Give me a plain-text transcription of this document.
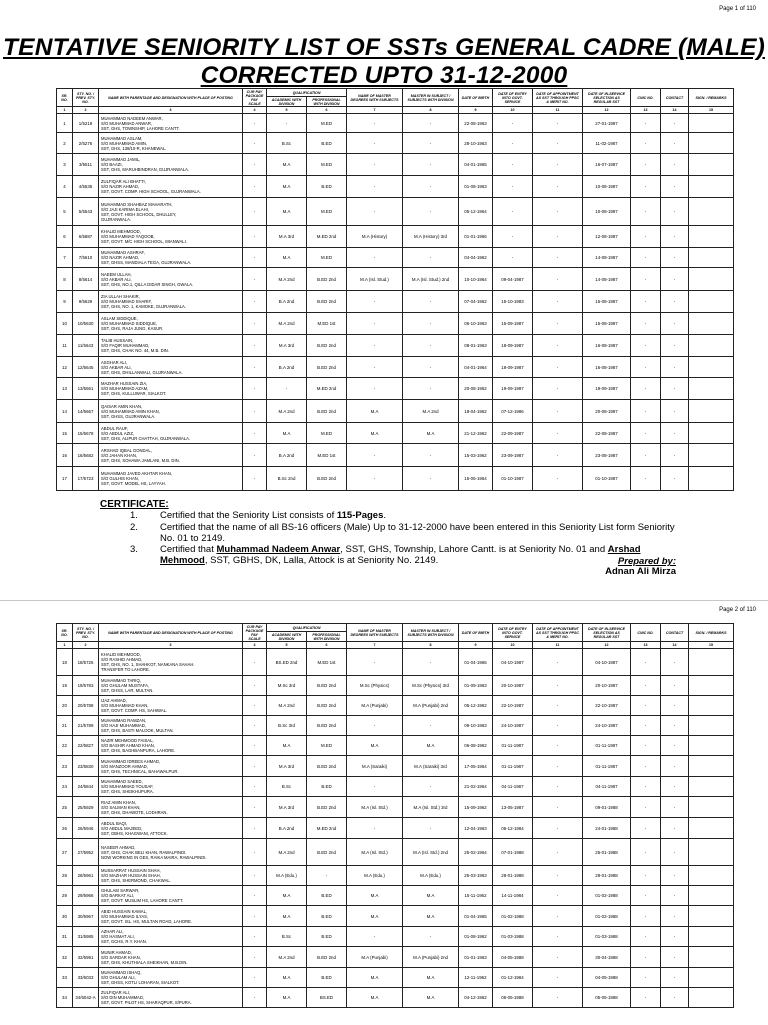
Page 1 of 110
TENTATIVE SENIORITY LIST OF SSTs GENERAL CADRE (MALE)
CORRECTED UPTO 31-12-2000
SR. NO.	STY. NO. / PREV. STY. NO.	NAME WITH PARENTAGE AND DESIGNATION WITH PLACE OF POSTING	CUR PAY PACKAGE PAY SCALE	QUALIFICATION		NAME OF MASTER DEGREES WITH SUBJECTS	MASTER IN SUBJECT / SUBJECTS WITH DIVISION	DATE OF BIRTH	DATE OF ENTRY INTO GOVT. SERVICE	DATE OF APPOINTMENT AS SST THROUGH PPSC & MERIT NO.	DATE OF IN-SERVICE SELECTION AS REGULAR SST	CNIC NO.	CONTACT	SIGN. / REMARKS
				ACADEMIC WITH DIVISION	PROFESSIONAL WITH DIVISION									
1	2	3	4	5	6	7	8	9	10	11	12	13	14	15
1	1/5219	MUHAMMAD NADEEM ANWAR,
S/O MUHAMMAD ANWAR,
SST, GHS, TOWNSHIP, LAHORE CANTT.	-	-	M.ED	-	-	22-08-1963	-	-	27-01-1987	-	-	
2	2/5276	MUHAMMAD ASLAM,
S/O MUHAMMAD AMIN,
SST, GHS, 138/10-R, KHANEWAL.	-	B.Sc	B.ED	-	-	28-10-1963	-	-	11-02-1987	-	-	
3	3/5511	MUHAMMAD JAMIL,
S/O BAAZI,
SST, GHS, MARUHBINDRAN, GUJRANWALA.	-	M.A	M.ED	-	-	04-01-1965	-	-	16-07-1987	-	-	
4	4/5535	ZULFIQAR ALI BHATTI,
S/O NAZIR AHMAD,
SST, GOVT. COMP. HIGH SCHOOL, GUJRANWALA.	-	M.A	B.ED	-	-	01-08-1963	-	-	10-08-1987	-	-	
5	5/5543	MUHAMMAD SHAHBAZ MAHARATH,
S/O JAJI KARIMA ELAHI,
SST, GOVT. HIGH SCHOOL, DHULLEY,
GUJRANWALA.	-	M.A	M.ED	-	-	05-12-1964	-	-	10-08-1987	-	-	
6	6/5887	KHALID MEHMOOD,
S/O MUHAMMAD YAQOOB,
SST, GOVT. M/C HIGH SCHOOL, MIANWALI.	-	M.A 3rd	M.ED 2nd	M.A (History)	M.A (History) 3rd	01-01-1966	-	-	12-08-1987	-	-	
7	7/5610	MUHAMMAD ASHRAF,
S/O NAZIR AHMAD,
SST, GHSS, MANDIALA TEGA, GUJRANWALA.	-	M.A	M.ED	-	-	04-04-1962	-	-	14-08-1987	-	-	
8	8/5614	NAEEM ULLAH,
S/O AKBAR ALI,
SST, GHS, NO.1, QILLA DIDAR SINGH, GWALA.	-	M.A 2nd	B.ED 2nd	M.A (Isl. Stud.)	M.A (Isl. Stud.) 2nd	10-10-1964	09-04-1987	-	14-08-1987	-	-	
9	9/5629	ZIA ULLAH SHAKIR,
S/O MUHAMMAD SHARIF,
SST, GHS, NO. 1, KAMOKE, GUJRANWALA.	-	B.A 2nd	B.ED 2nd	-	-	07-04-1962	15-10-1983	-	15-08-1987	-	-	
10	10/5630	ASLAM SIDDIQUE,
S/O MUHAMMAD SIDDIQUE,
SST, GHS, RAJA JUNG, KASUR.	-	M.A 2nd	M.ED 1st	-	-	06-10-1963	15-09-1987	-	15-08-1987	-	-	
11	11/5643	TALIB HUSSAIN,
S/O FAQIR MUHAMMAD,
SST, GHS, CHAK NO. 44, M.B. DIN.	-	M.A 3rd	B.ED 2nd	-	-	08-01-1963	18-09-1987	-	16-08-1987	-	-	
12	12/5645	ASGHAR ALI,
S/O AKBAR ALI,
SST, GHS, DHILLANWALI, GUJRANWALA.	-	B.A 2nd	B.ED 2nd	-	-	04-01-1964	18-09-1987	-	16-08-1987	-	-	
13	13/5661	MAZHAR HUSSAIN ZIA,
S/O MUHAMMAD AZAM,
SST, GHS, KULLUWAR, SIALKOT.	-	-	M.ED 2nd	-	-	20-08-1962	19-09-1987	-	19-09-1987	-	-	
14	14/5667	QAISAR AMIN KHAN,
S/O MUHAMMAD AMIN KHAN,
SST, GHSS, GUJRANWALA.	-	M.A 2nd	B.ED 2nd	M.A	M.A 2nd	18-04-1962	07-12-1986	-	20-08-1987	-	-	
15	15/5678	ABDUL RAUF,
S/O ABDUL AZIZ,
SST, GHS, ALIPUR CHATTAH, GUJRANWALA.	-	M.A	M.ED	M.A	M.A	21-12-1962	22-09-1987	-	22-08-1987	-	-	
16	16/5682	ARSHAD IQBAL GONDAL,
S/O JAHAN KHAN,
SST, GHS, SOHAWA JAMLANI, M.B. DIN.	-	B.A 2nd	M.ED 1st	-	-	15-03-1962	23-09-1987	-	23-08-1987	-	-	
17	17/5723	MUHAMMAD JAVED AKHTAR KHAN,
S/O GULHIS KHAN,
SST, GOVT. MODEL HS, LAYYAH.	-	B.Sc 2nd	B.ED 2nd	-	-	15-06-1964	01-10-1987	-	01-10-1987	-	-	
CERTIFICATE:
1. Certified that the Seniority List consists of 115-Pages.
2. Certified that the name of all BS-16 officers (Male) Up to 31-12-2000 have been entered in this Seniority List form Seniority No. 01 to 2149.
3. Certified that Muhammad Nadeem Anwar, SST, GHS, Township, Lahore Cantt. is at Seniority No. 01 and Arshad Mehmood, SST, GBHS, DK, Lalla, Attock is at Seniority No. 2149.	Prepared by:
Adnan Ali Mirza
Page 2 of 110
SR. NO.	STY. NO. / PREV. STY. NO.	NAME WITH PARENTAGE AND DESIGNATION WITH PLACE OF POSTING	CUR PAY PACKAGE PAY SCALE	QUALIFICATION		NAME OF MASTER DEGREES WITH SUBJECTS	MASTER IN SUBJECT / SUBJECTS WITH DIVISION	DATE OF BIRTH	DATE OF ENTRY INTO GOVT. SERVICE	DATE OF APPOINTMENT AS SST THROUGH PPSC & MERIT NO.	DATE OF IN-SERVICE SELECTION AS REGULAR SST	CNIC NO.	CONTACT	SIGN. / REMARKS
				ACADEMIC WITH DIVISION	PROFESSIONAL WITH DIVISION									
1	2	3	4	5	6	7	8	9	10	11	12	13	14	15
18	18/5726	KHALID MEHMOOD,
S/O RASHID AHMAD,
SST, GHS, NO. 1, SHAHKOT, NANKANA SAHAH.
TRANSFER TO LAHORE.	-	BS.ED 2nd	M.ED 1st	-	-	01-04-1965	04-10-1987	-	04-10-1987	-	-	
19	19/5783	MUHAMMAD TARIQ,
S/O GHULAM MUSTAFA,
SST, GHSS, LAR, MULTAN.	-	M.Sc 3rd	B.ED 2nd	M.Sc (Physics)	M.Sc (Physics) 3rd	01-09-1963	20-10-1987	-	20-10-1987	-	-	
20	20/5788	IJAZ AHMAD,
S/O MUHAMMAD KHAN,
SST, GOVT. COMP. HS, SAHIWAL.	-	M.A 2nd	B.ED 2nd	M.A (Punjabi)	M.A (Punjabi) 2nd	05-12-1962	22-10-1987	-	22-10-1987	-	-	
21	21/5789	MUHAMMAD RAMZAN,
S/O HAJI MUHAMMAD,
SST, GHS, BASTI MALOOK, MULTAN.	-	B.Sc 3rd	B.ED 2nd	-	-	09-10-1963	24-10-1987	-	24-10-1987	-	-	
22	22/5827	NAZIR MEHMOOD FAISAL,
S/O BASHIR AHMAD KHAN,
SST, GHS, BAGHBANPURA, LAHORE.	-	M.A	M.ED	M.A	M.A	06-08-1962	01-11-1987	-	01-11-1987	-	-	
23	23/5830	MUHAMMAD IDREES AHMAD,
S/O MANZOOR AHMAD,
SST, GHS, TECHNICAL, BAHAWALPUR.	-	M.A 3rd	B.ED 2nd	M.A (Saraiki)	M.A (Saraiki) 3rd	17-05-1964	01-11-1987	-	01-11-1987	-	-	
24	24/5844	MUHAMMAD SAEED,
S/O MUHAMMAD YOUSAF,
SST, GHS, SHEIKHUPURA.	-	B.Sc	B.ED	-	-	21-02-1964	04-11-1987	-	04-11-1987	-	-	
25	25/5929	RIAZ AMIN KHAN,
S/O SALMAN KHAN,
SST, GHS, DHAWOTE, LODHRAN.	-	M.A 3rd	B.ED 2nd	M.A (Isl. Std.)	M.A (Isl. Std.) 3rd	15-09-1962	13-05-1987	-	09-01-1988	-	-	
26	26/5946	ABDUL BAQI,
S/O ABDUL MAJEED,
SST, GBHS, KHAGWANI, ATTOCK.	-	B.A 2nd	M.ED 2nd	-	-	12-04-1963	05-12-1984	-	24-01-1988	-	-	
27	27/5952	NASEER AHMAD,
SST, GHS, CHAK BELI KHAN, RAWALPINDI.
NOW WORKING IN GES, RAIKA MAIRA, RAWALPINDI.	-	M.A 2nd	B.ED 2nd	M.A (Isl. Std.)	M.A (Isl. Std.) 2nd	25-02-1964	07-01-1988	-	25-01-1988	-	-	
28	28/5961	MUSSARRAT HUSSAIN SHAH,
S/O MAZHAR HUSSAIN SHAH,
SST, GHS, SHERMOND, CHAKWAL.	-	M.A (Edu.)	-	M.A (Edu.)	M.A (Edu.)	25-03-1963	28-01-1988	-	28-01-1988	-	-	
29	29/5966	GHULAM SARWAR,
S/O BARKAT ALI,
SST, GOVT. MUSLIM HS, LAHORE CANTT.	-	M.A	B.ED	M.A	M.A	15-11-1962	14-11-1984	-	01-02-1988	-	-	
30	30/5967	ABID HUSSAIN KAMAL,
S/O MUHAMMAD ILYAS,
SST, GOVT. ISL. HS, MULTAN ROAD, LAHORE.	-	M.A	B.ED	M.A	M.A	01-04-1965	01-02-1988	-	01-02-1988	-	-	
31	31/5985	AZHAR ALI,
S/O HASMAT ALI,
SST, GCHS, R.Y. KHAN.	-	B.Sc	B.ED	-	-	01-08-1962	01-03-1988	-	01-03-1988	-	-	
32	32/5991	MUNIR AHMAD,
S/O SARDAR KHAN,
SST, GHS, KHUTHIALA SHEIKHAN, M.B.DIN.	-	M.A 2nd	B.ED 2nd	M.A (Punjabi)	M.A (Punjabi) 2nd	01-01-1963	04-05-1988	-	30-04-1988	-	-	
33	33/6033	MUHAMMAD ISHAQ,
S/O GHULAM ALI,
SST, GHSS, KOTLI LOHARAN, SIALKOT.	-	M.A	B.ED	M.A	M.A	12-11-1962	01-12-1984	-	04-05-1988	-	-	
34	34/6042-A	ZULFIQAR ALI,
S/O DIN MUHAMMAD,
SST, GOVT. PILOT HS, SHARAQPUR, S/PURA.	-	M.A	BS.ED	M.A	M.A	04-12-1962	05-05-1988	-	05-05-1988	-	-	
